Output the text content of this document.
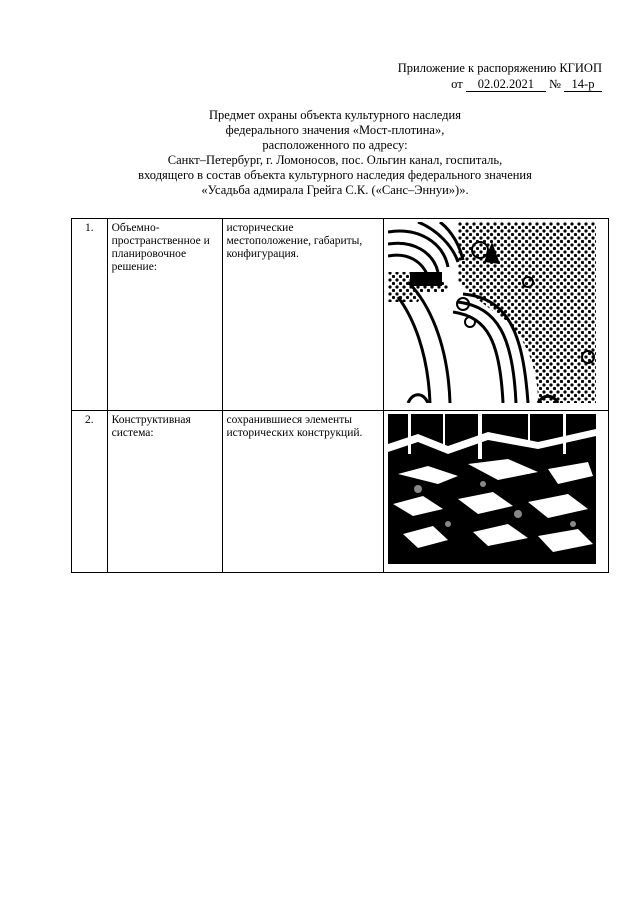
Приложение к распоряжению КГИОП
от 02.02.2021 № 14-р
Предмет охраны объекта культурного наследия
федерального значения «Мост-плотина»,
расположенного по адресу:
Санкт–Петербург, г. Ломоносов, пос. Ольгин канал, госпиталь,
входящего в состав объекта культурного наследия федерального значения
«Усадьба адмирала Грейга С.К. («Санс–Эннуи»)».
1.	Объемно-пространственное и планировочное решение:	исторические местоположение, габариты, конфигурация.	

2.	Конструктивная система:	сохранившиеся элементы исторических конструкций.	
